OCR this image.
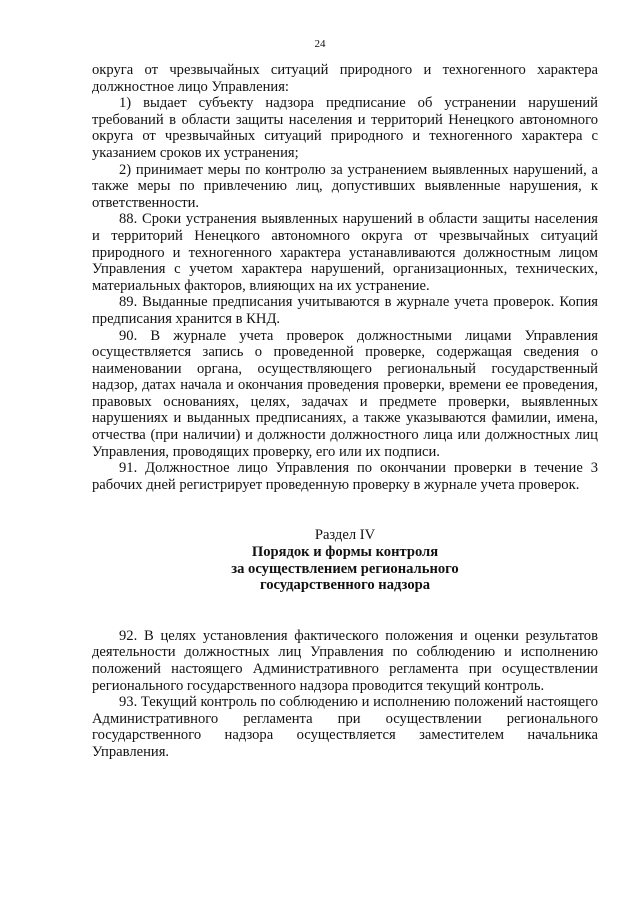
24

округа от чрезвычайных ситуаций природного и техногенного характера должностное лицо Управления:

1) выдает субъекту надзора предписание об устранении нарушений требований в области защиты населения и территорий Ненецкого автономного округа от чрезвычайных ситуаций природного и техногенного характера с указанием сроков их устранения;

2) принимает меры по контролю за устранением выявленных нарушений, а также меры по привлечению лиц, допустивших выявленные нарушения, к ответственности.

88. Сроки устранения выявленных нарушений в области защиты населения и территорий Ненецкого автономного округа от чрезвычайных ситуаций природного и техногенного характера устанавливаются должностным лицом Управления с учетом характера нарушений, организационных, технических, материальных факторов, влияющих на их устранение.

89. Выданные предписания учитываются в журнале учета проверок. Копия предписания хранится в КНД.

90. В журнале учета проверок должностными лицами Управления осуществляется запись о проведенной проверке, содержащая сведения о наименовании органа, осуществляющего региональный государственный надзор, датах начала и окончания проведения проверки, времени ее проведения, правовых основаниях, целях, задачах и предмете проверки, выявленных нарушениях и выданных предписаниях, а также указываются фамилии, имена, отчества (при наличии) и должности должностного лица или должностных лиц Управления, проводящих проверку, его или их подписи.

91. Должностное лицо Управления по окончании проверки в течение 3 рабочих дней регистрирует проведенную проверку в журнале учета проверок.

Раздел IV

Порядок и формы контроля

за осуществлением регионального

государственного надзора

92. В целях установления фактического положения и оценки результатов деятельности должностных лиц Управления по соблюдению и исполнению положений настоящего Административного регламента при осуществлении регионального государственного надзора проводится текущий контроль.

93. Текущий контроль по соблюдению и исполнению положений настоящего Административного регламента при осуществлении регионального государственного надзора осуществляется заместителем начальника Управления.
